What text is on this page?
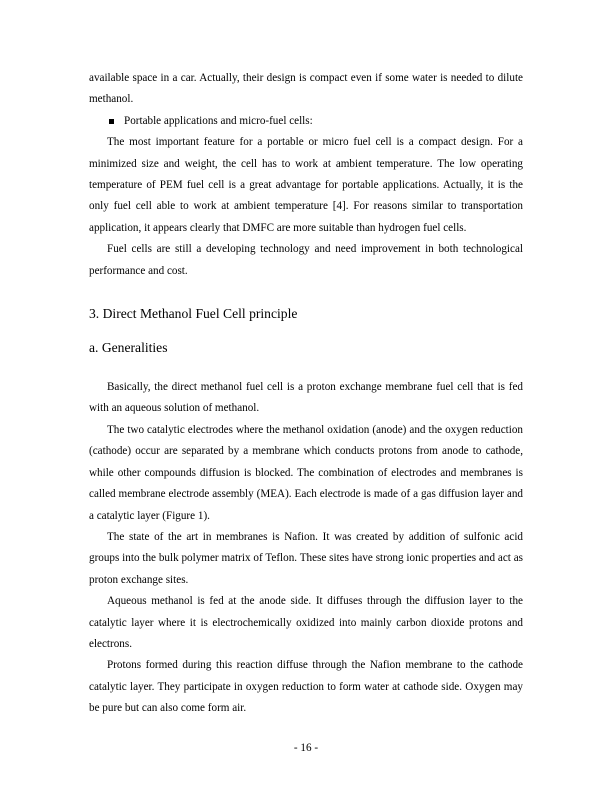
available space in a car. Actually, their design is compact even if some water is needed to dilute methanol.

Portable applications and micro-fuel cells:

The most important feature for a portable or micro fuel cell is a compact design. For a minimized size and weight, the cell has to work at ambient temperature. The low operating temperature of PEM fuel cell is a great advantage for portable applications. Actually, it is the only fuel cell able to work at ambient temperature [4]. For reasons similar to transportation application, it appears clearly that DMFC are more suitable than hydrogen fuel cells.

Fuel cells are still a developing technology and need improvement in both technological performance and cost.

3. Direct Methanol Fuel Cell principle
a. Generalities

Basically, the direct methanol fuel cell is a proton exchange membrane fuel cell that is fed with an aqueous solution of methanol.

The two catalytic electrodes where the methanol oxidation (anode) and the oxygen reduction (cathode) occur are separated by a membrane which conducts protons from anode to cathode, while other compounds diffusion is blocked. The combination of electrodes and membranes is called membrane electrode assembly (MEA). Each electrode is made of a gas diffusion layer and a catalytic layer (Figure 1).

The state of the art in membranes is Nafion. It was created by addition of sulfonic acid groups into the bulk polymer matrix of Teflon. These sites have strong ionic properties and act as proton exchange sites.

Aqueous methanol is fed at the anode side. It diffuses through the diffusion layer to the catalytic layer where it is electrochemically oxidized into mainly carbon dioxide protons and electrons.

Protons formed during this reaction diffuse through the Nafion membrane to the cathode catalytic layer. They participate in oxygen reduction to form water at cathode side. Oxygen may be pure but can also come form air.

- 16 -
